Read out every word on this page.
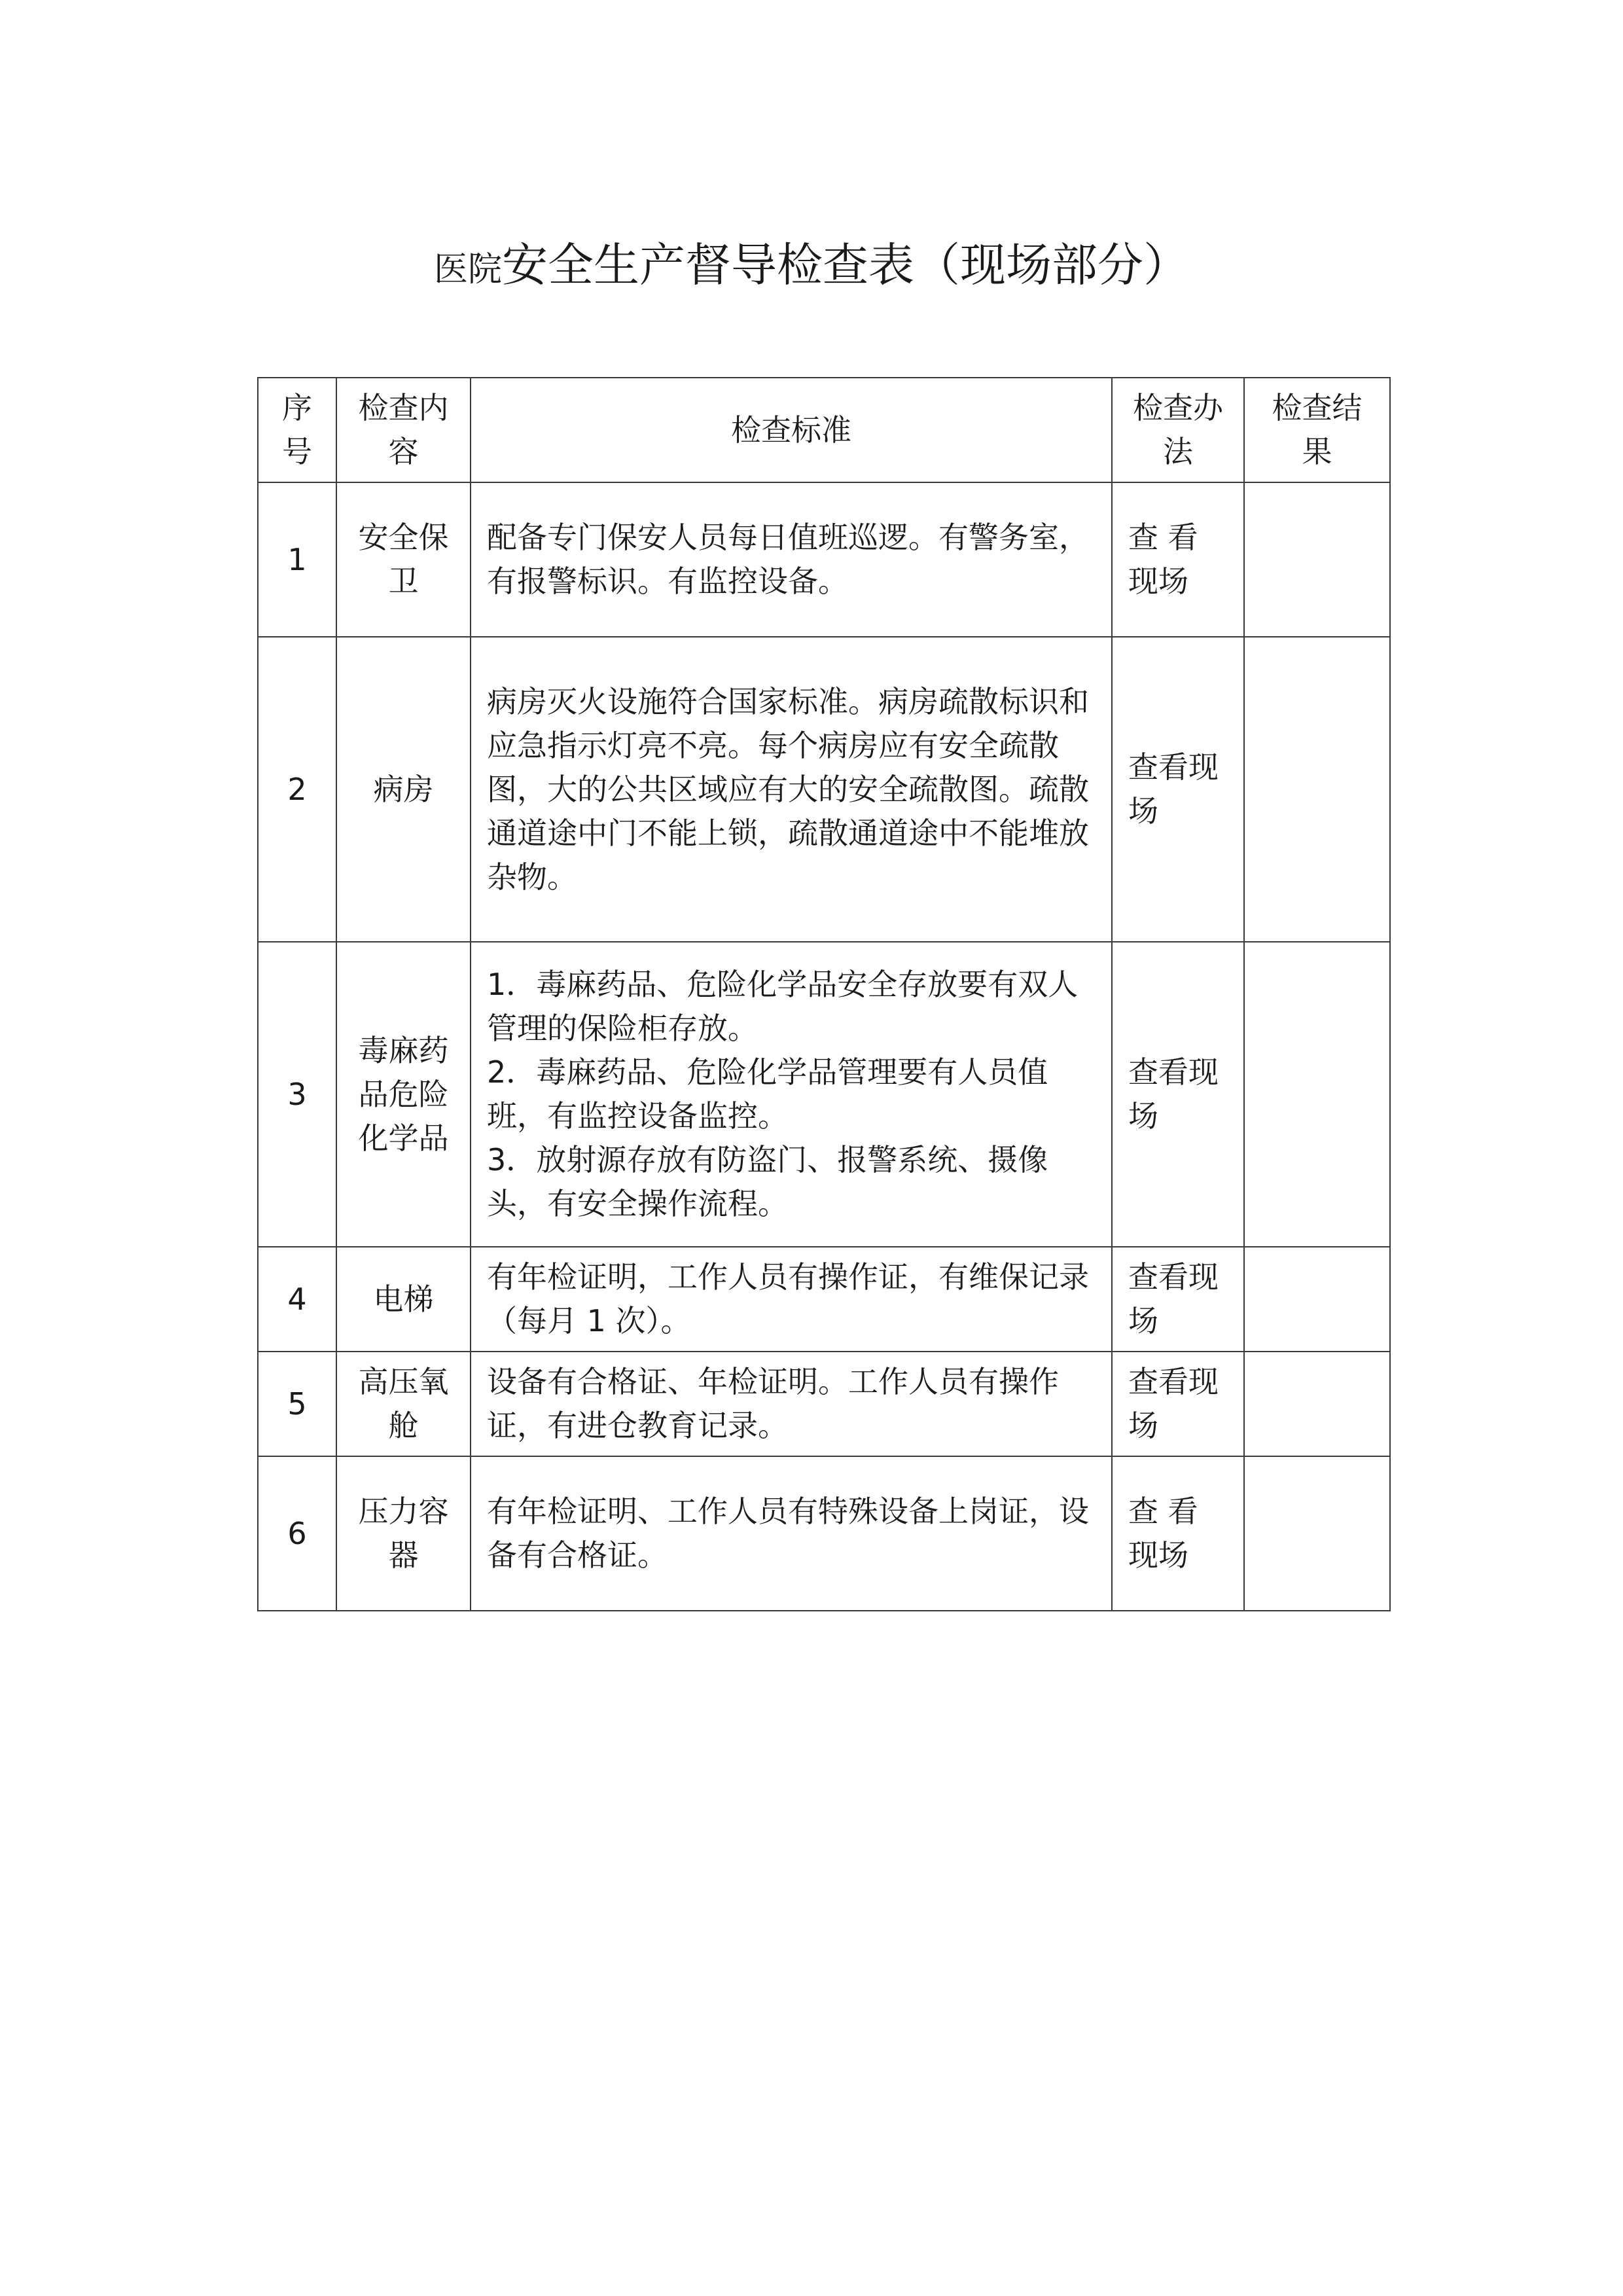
医院安全生产督导检查表（现场部分）
序号	检查内容	检查标准	检查办法	检查结果

1	安全保卫	配备专门保安人员每日值班巡逻。有警务室，有报警标识。有监控设备。	查 看现场	

2	病房	病房灭火设施符合国家标准。病房疏散标识和应急指示灯亮不亮。每个病房应有安全疏散图，大的公共区域应有大的安全疏散图。疏散通道途中门不能上锁，疏散通道途中不能堆放杂物。	查看现场	

3	毒麻药品危险化学品	1．毒麻药品、危险化学品安全存放要有双人管理的保险柜存放。
2．毒麻药品、危险化学品管理要有人员值班，有监控设备监控。
3．放射源存放有防盗门、报警系统、摄像头，有安全操作流程。	查看现场	

4	电梯	有年检证明，工作人员有操作证，有维保记录（每月 1 次）。	查看现场	

5	高压氧舱	设备有合格证、年检证明。工作人员有操作证，有进仓教育记录。	查看现场	

6	压力容器	有年检证明、工作人员有特殊设备上岗证，设备有合格证。	查 看现场	
